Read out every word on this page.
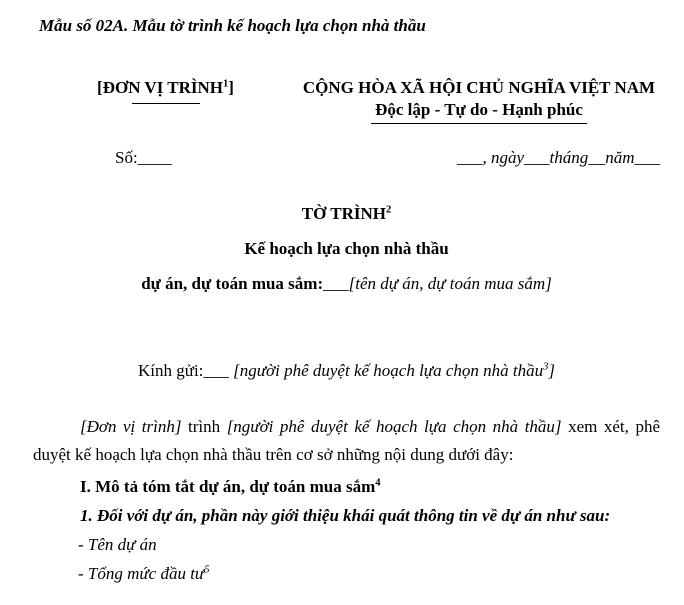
Mẫu số 02A. Mẫu tờ trình kế hoạch lựa chọn nhà thầu
[ĐƠN VỊ TRÌNH$^1$]	CỘNG HÒA XÃ HỘI CHỦ NGHĨA VIỆT NAM
Độc lập - Tự do - Hạnh phúc
Số:____	___, ngày___tháng__năm___
TỜ TRÌNH$^2$
Kế hoạch lựa chọn nhà thầu
dự án, dự toán mua sắm:___[tên dự án, dự toán mua sắm]
Kính gửi:___ [người phê duyệt kế hoạch lựa chọn nhà thầu$^3$]
[Đơn vị trình] trình [người phê duyệt kế hoạch lựa chọn nhà thầu] xem xét, phê duyệt kế hoạch lựa chọn nhà thầu trên cơ sở những nội dung dưới đây:
I. Mô tả tóm tắt dự án, dự toán mua sắm$^4$
1. Đối với dự án, phần này giới thiệu khái quát thông tin về dự án như sau:
- Tên dự án
- Tổng mức đầu $tư^5$
